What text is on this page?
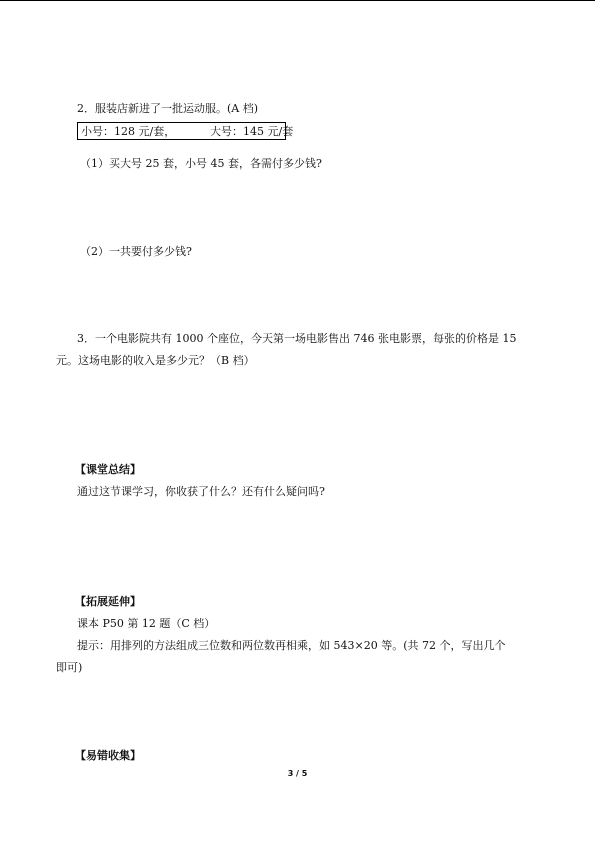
2．服装店新进了一批运动服。(A 档)
小号：128 元/套，	大号：145 元/套
（1）买大号 25 套，小号 45 套，各需付多少钱?
（2）一共要付多少钱?
3．一个电影院共有 1000 个座位，今天第一场电影售出 746 张电影票，每张的价格是 15
元。这场电影的收入是多少元？（B 档）
【课堂总结】
通过这节课学习，你收获了什么？还有什么疑问吗?
【拓展延伸】
课本 P50 第 12 题（C 档）
提示：用排列的方法组成三位数和两位数再相乘，如 543×20 等。(共 72 个，写出几个
即可)
【易错收集】
3 / 5
